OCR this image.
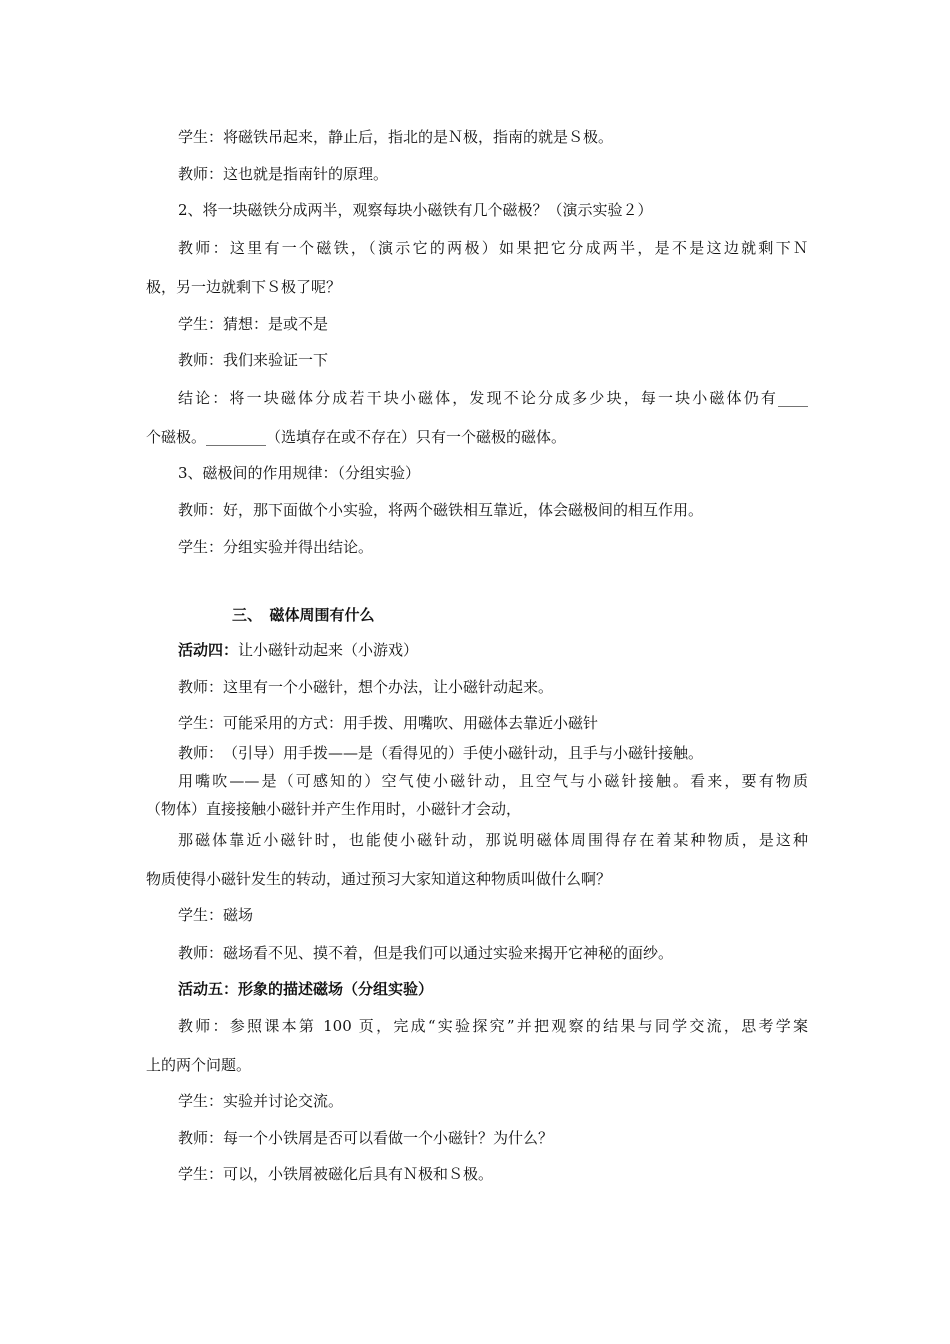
学生：将磁铁吊起来，静止后，指北的是Ｎ极，指南的就是Ｓ极。
教师：这也就是指南针的原理。
2、将一块磁铁分成两半，观察每块小磁铁有几个磁极？（演示实验２）
教师：这里有一个磁铁，（演示它的两极）如果把它分成两半，是不是这边就剩下Ｎ
极，另一边就剩下Ｓ极了呢？
学生：猜想：是或不是
教师：我们来验证一下
结论：将一块磁体分成若干块小磁体，发现不论分成多少块，每一块小磁体仍有____
个磁极。________（选填存在或不存在）只有一个磁极的磁体。
3、磁极间的作用规律：（分组实验）
教师：好，那下面做个小实验，将两个磁铁相互靠近，体会磁极间的相互作用。
学生：分组实验并得出结论。
三、　磁体周围有什么
活动四：让小磁针动起来（小游戏）
教师：这里有一个小磁针，想个办法，让小磁针动起来。
学生：可能采用的方式：用手拨、用嘴吹、用磁体去靠近小磁针
教师：　（引导）用手拨——是（看得见的）手使小磁针动，且手与小磁针接触。
用嘴吹——是（可感知的）空气使小磁针动，且空气与小磁针接触。看来，要有物质
（物体）直接接触小磁针并产生作用时，小磁针才会动，
那磁体靠近小磁针时，也能使小磁针动，那说明磁体周围得存在着某种物质，是这种
物质使得小磁针发生的转动，通过预习大家知道这种物质叫做什么啊？
学生：磁场
教师：磁场看不见、摸不着，但是我们可以通过实验来揭开它神秘的面纱。
活动五：形象的描述磁场（分组实验）
教师：参照课本第 100 页，完成“实验探究”并把观察的结果与同学交流，思考学案
上的两个问题。
学生：实验并讨论交流。
教师：每一个小铁屑是否可以看做一个小磁针？为什么？
学生：可以，小铁屑被磁化后具有Ｎ极和Ｓ极。
